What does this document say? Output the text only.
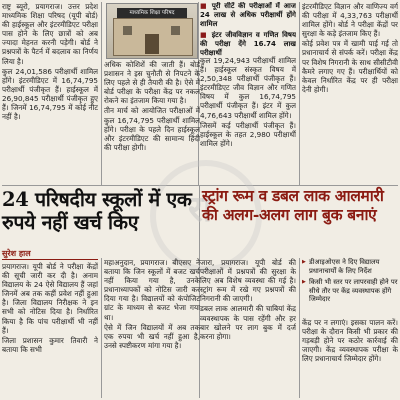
राष्ट्र ब्यूरो, प्रयागराज। उत्तर प्रदेश माध्यमिक शिक्षा परिषद (यूपी बोर्ड) की हाईस्कूल और इंटरमीडिएट परीक्षा पास होने के लिए छात्रों को अब ज्यादा मेहनत करनी पड़ेगी। बोर्ड ने प्रश्नपत्रों के पैटर्न में बदलाव का निर्णय लिया है।

कुल 24,01,586 परीक्षार्थी शामिल होंगे। इंटरमीडिएट में 16,74,795 परीक्षार्थी पंजीकृत हैं। हाईस्कूल में 26,90,845 परीक्षार्थी पंजीकृत हुए हैं। जिनमें 16,74,795 में कोई नीट नहीं है।

माध्यमिक शिक्षा परिषद

अधिक कोशिशें की जाती हैं। बोर्ड प्रशासन ने इस चुनौती से निपटने के लिए पहले से ही तैयारी की है। ऐसे में बोर्ड परीक्षा के परीक्षा केंद्र पर नकल रोकने का इंतजाम किया गया है।

तीन मार्च को आयोजित परीक्षाओं में कुल 16,74,795 परीक्षार्थी शामिल होंगे। परीक्षा के पहले दिन हाईस्कूल और इंटरमीडिएट की सामान्य हिंदी की परीक्षा होगी।

■ पूरी सीटें की परीक्षाओं में आज 24 लाख से अधिक परीक्षार्थी होंगे शामिल
■ इंटर जीवविज्ञान व गणित विषय की परीक्षा देंगे 16.74 लाख परीक्षार्थी

कुल 19,24,943 परीक्षार्थी शामिल हैं। हाईस्कूल संस्कृत विषय में 2,50,348 परीक्षार्थी पंजीकृत हैं। इंटरमीडिएट जीव विज्ञान और गणित विषय में कुल 16,74,795 परीक्षार्थी पंजीकृत हैं। इंटर में कुल 4,76,643 परीक्षार्थी शामिल होंगे।

जिसमें कई परीक्षार्थी पंजीकृत हैं। हाईस्कूल के तहत 2,980 परीक्षार्थी शामिल होंगे।

इंटरमीडिएट विज्ञान और वाणिज्य वर्ग की परीक्षा में 4,33,763 परीक्षार्थी शामिल होंगे। बोर्ड ने परीक्षा केंद्रों पर सुरक्षा के कड़े इंतजाम किए हैं।

कोई प्रवेश पत्र में खामी पाई गई तो प्रधानाचार्य से संपर्क करें। परीक्षा केंद्र पर विशेष निगरानी के साथ सीसीटीवी कैमरे लगाए गए हैं। परीक्षार्थियों को केवल निर्धारित केंद्र पर ही परीक्षा देनी होगी।

रा
24 परिषदीय स्कूलों में एक रुपये नहीं खर्च किए
स्ट्रांग रूम व डबल लाक आलमारी की अलग-अलग लाग बुक बनाएं
सुरेश हाल

प्रयागराज। यूपी बोर्ड ने परीक्षा केंद्रों की सूची जारी कर दी है। अनाम विद्यालय के 24 ऐसे विद्यालय हैं जहां जिनमें अब तक कहीं प्रवेश नहीं हुआ है। जिला विद्यालय निरीक्षक ने इन सभी को नोटिस दिया है। निर्धारित किया है कि पांच परीक्षार्थी भी नहीं हैं।

जिला प्रशासन कुमार तिवारी ने बताया कि सभी

महाअनुदान, प्रयागराज। बीएसए ने बताया कि जिन स्कूलों में बजट खर्च नहीं किया गया है, उनके प्रधानाध्यापकों को नोटिस जारी कर दिया गया है। विद्यालयों को कंपोजिट ग्रांट के माध्यम से बजट भेजा गया था।

ऐसे में जिन विद्यालयों में अब तक एक रुपया भी खर्च नहीं हुआ है, उनसे स्पष्टीकरण मांगा गया है।

जारा, प्रयागराज। यूपी बोर्ड की परीक्षाओं में प्रश्नपत्रों की सुरक्षा के लिए अब विशेष व्यवस्था की गई है। स्ट्रांग रूम में रखे गए प्रश्नपत्रों की निगरानी की जाएगी।

डबल लाक आलमारी की चाबियां केंद्र व्यवस्थापक के पास रहेंगी और हर बार खोलने पर लाग बुक में दर्ज करना होगा।

▶ डीआइओएस ने दिए विद्यालय प्रधानाचार्यों के लिए निर्देश
▶ किसी भी स्तर पर लापरवाही होने पर सीधे तौर पर केंद्र व्यवस्थापक होंगे जिम्मेदार

केंद्र पर न लगाएं। इसका पालन करें। परीक्षा के दौरान किसी भी प्रकार की गड़बड़ी होने पर कठोर कार्रवाई की जाएगी। केंद्र व्यवस्थापक परीक्षा के लिए प्रधानाचार्य जिम्मेदार होंगे।
